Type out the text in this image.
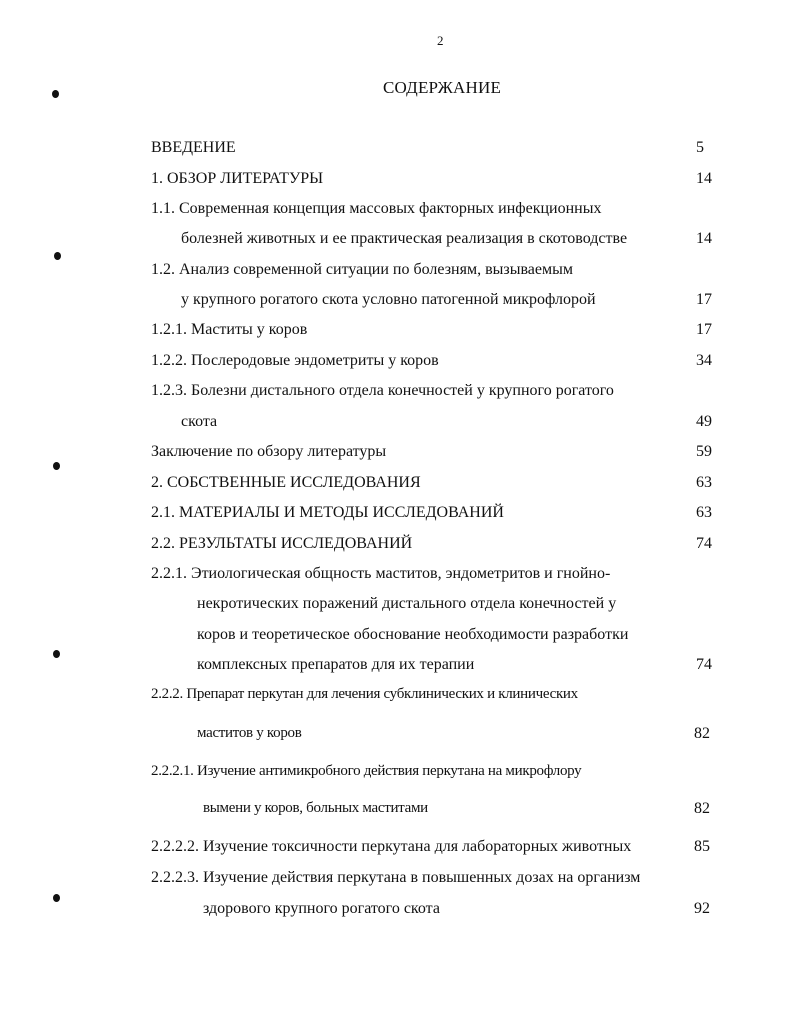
2
СОДЕРЖАНИЕ
ВВЕДЕНИЕ	5
1. ОБЗОР ЛИТЕРАТУРЫ	14
1.1. Современная концепция массовых факторных инфекционных
болезней животных и ее практическая реализация в скотоводстве	14
1.2. Анализ современной ситуации по болезням, вызываемым
у крупного рогатого скота условно патогенной микрофлорой	17
1.2.1. Маститы у коров	17
1.2.2. Послеродовые эндометриты у коров	34
1.2.3. Болезни дистального отдела конечностей у крупного рогатого
скота	49
Заключение по обзору литературы	59
2. СОБСТВЕННЫЕ ИССЛЕДОВАНИЯ	63
2.1. МАТЕРИАЛЫ И МЕТОДЫ ИССЛЕДОВАНИЙ	63
2.2. РЕЗУЛЬТАТЫ ИССЛЕДОВАНИЙ	74
2.2.1. Этиологическая общность маститов, эндометритов и гнойно-
некротических поражений дистального отдела конечностей у
коров и теоретическое обоснование необходимости разработки
комплексных препаратов для их терапии	74
2.2.2. Препарат перкутан для лечения субклинических и клинических
маститов у коров	82
2.2.2.1. Изучение антимикробного действия перкутана на микрофлору
вымени у коров, больных маститами	82
2.2.2.2. Изучение токсичности перкутана для лабораторных животных	85
2.2.2.3. Изучение действия перкутана в повышенных дозах на организм
здорового крупного рогатого скота	92
